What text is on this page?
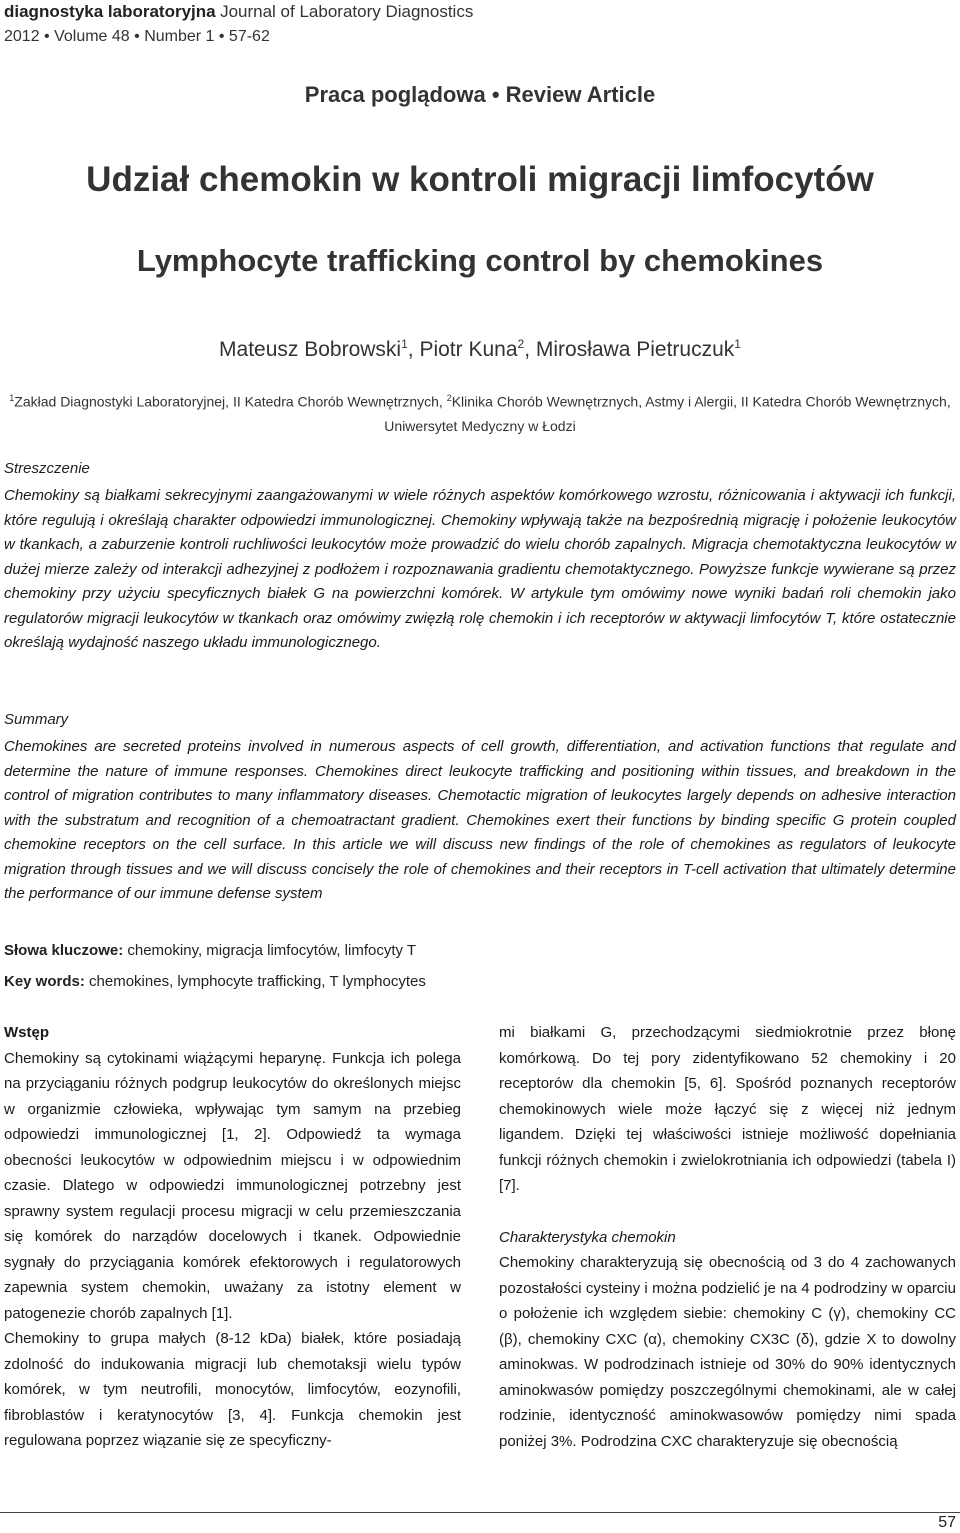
diagnostyka laboratoryjna Journal of Laboratory Diagnostics
2012 • Volume 48 • Number 1 • 57-62
Praca poglądowa • Review Article
Udział chemokin w kontroli migracji limfocytów
Lymphocyte trafficking control by chemokines
Mateusz Bobrowski$^1$, Piotr Kuna$^2$, Mirosława Pietruczuk$^1$
$^1$Zakład Diagnostyki Laboratoryjnej, II Katedra Chorób Wewnętrznych, $^2$Klinika Chorób Wewnętrznych, Astmy i Alergii, II Katedra Chorób Wewnętrznych, Uniwersytet Medyczny w Łodzi
Streszczenie
Chemokiny są białkami sekrecyjnymi zaangażowanymi w wiele różnych aspektów komórkowego wzrostu, różnicowania i aktywacji ich funkcji, które regulują i określają charakter odpowiedzi immunologicznej. Chemokiny wpływają także na bezpośrednią migrację i położenie leukocytów w tkankach, a zaburzenie kontroli ruchliwości leukocytów może prowadzić do wielu chorób zapalnych. Migracja chemotaktyczna leukocytów w dużej mierze zależy od interakcji adhezyjnej z podłożem i rozpoznawania gradientu chemotaktycznego. Powyższe funkcje wywierane są przez chemokiny przy użyciu specyficznych białek G na powierzchni komórek. W artykule tym omówimy nowe wyniki badań roli chemokin jako regulatorów migracji leukocytów w tkankach oraz omówimy zwięzłą rolę chemokin i ich receptorów w aktywacji limfocytów T, które ostatecznie określają wydajność naszego układu immunologicznego.
Summary
Chemokines are secreted proteins involved in numerous aspects of cell growth, differentiation, and activation functions that regulate and determine the nature of immune responses. Chemokines direct leukocyte trafficking and positioning within tissues, and breakdown in the control of migration contributes to many inflammatory diseases. Chemotactic migration of leukocytes largely depends on adhesive interaction with the substratum and recognition of a chemoatractant gradient. Chemokines exert their functions by binding specific G protein coupled chemokine receptors on the cell surface. In this article we will discuss new findings of the role of chemokines as regulators of leukocyte migration through tissues and we will discuss concisely the role of chemokines and their receptors in T-cell activation that ultimately determine the performance of our immune defense system
Słowa kluczowe: chemokiny, migracja limfocytów, limfocyty T
Key words: chemokines, lymphocyte trafficking, T lymphocytes

Wstęp

Chemokiny są cytokinami wiążącymi heparynę. Funkcja ich polega na przyciąganiu różnych podgrup leukocytów do określonych miejsc w organizmie człowieka, wpływając tym samym na przebieg odpowiedzi immunologicznej [1, 2]. Odpowiedź ta wymaga obecności leukocytów w odpowiednim miejscu i w odpowiednim czasie. Dlatego w odpowiedzi immunologicznej potrzebny jest sprawny system regulacji procesu migracji w celu przemieszczania się komórek do narządów docelowych i tkanek. Odpowiednie sygnały do przyciągania komórek efektorowych i regulatorowych zapewnia system chemokin, uważany za istotny element w patogenezie chorób zapalnych [1].

Chemokiny to grupa małych (8-12 kDa) białek, które posiadają zdolność do indukowania migracji lub chemotaksji wielu typów komórek, w tym neutrofili, monocytów, limfocytów, eozynofili, fibroblastów i keratynocytów [3, 4]. Funkcja chemokin jest regulowana poprzez wiązanie się ze specyficzny-

mi białkami G, przechodzącymi siedmiokrotnie przez błonę komórkową. Do tej pory zidentyfikowano 52 chemokiny i 20 receptorów dla chemokin [5, 6]. Spośród poznanych receptorów chemokinowych wiele może łączyć się z więcej niż jednym ligandem. Dzięki tej właściwości istnieje możliwość dopełniania funkcji różnych chemokin i zwielokrotniania ich odpowiedzi (tabela I) [7].

Charakterystyka chemokin

Chemokiny charakteryzują się obecnością od 3 do 4 zachowanych pozostałości cysteiny i można podzielić je na 4 podrodziny w oparciu o położenie ich względem siebie: chemokiny C (γ), chemokiny CC (β), chemokiny CXC (α), chemokiny CX3C (δ), gdzie X to dowolny aminokwas. W podrodzinach istnieje od 30% do 90% identycznych aminokwasów pomiędzy poszczególnymi chemokinami, ale w całej rodzinie, identyczność aminokwasowów pomiędzy nimi spada poniżej 3%. Podrodzina CXC charakteryzuje się obecnością

57
